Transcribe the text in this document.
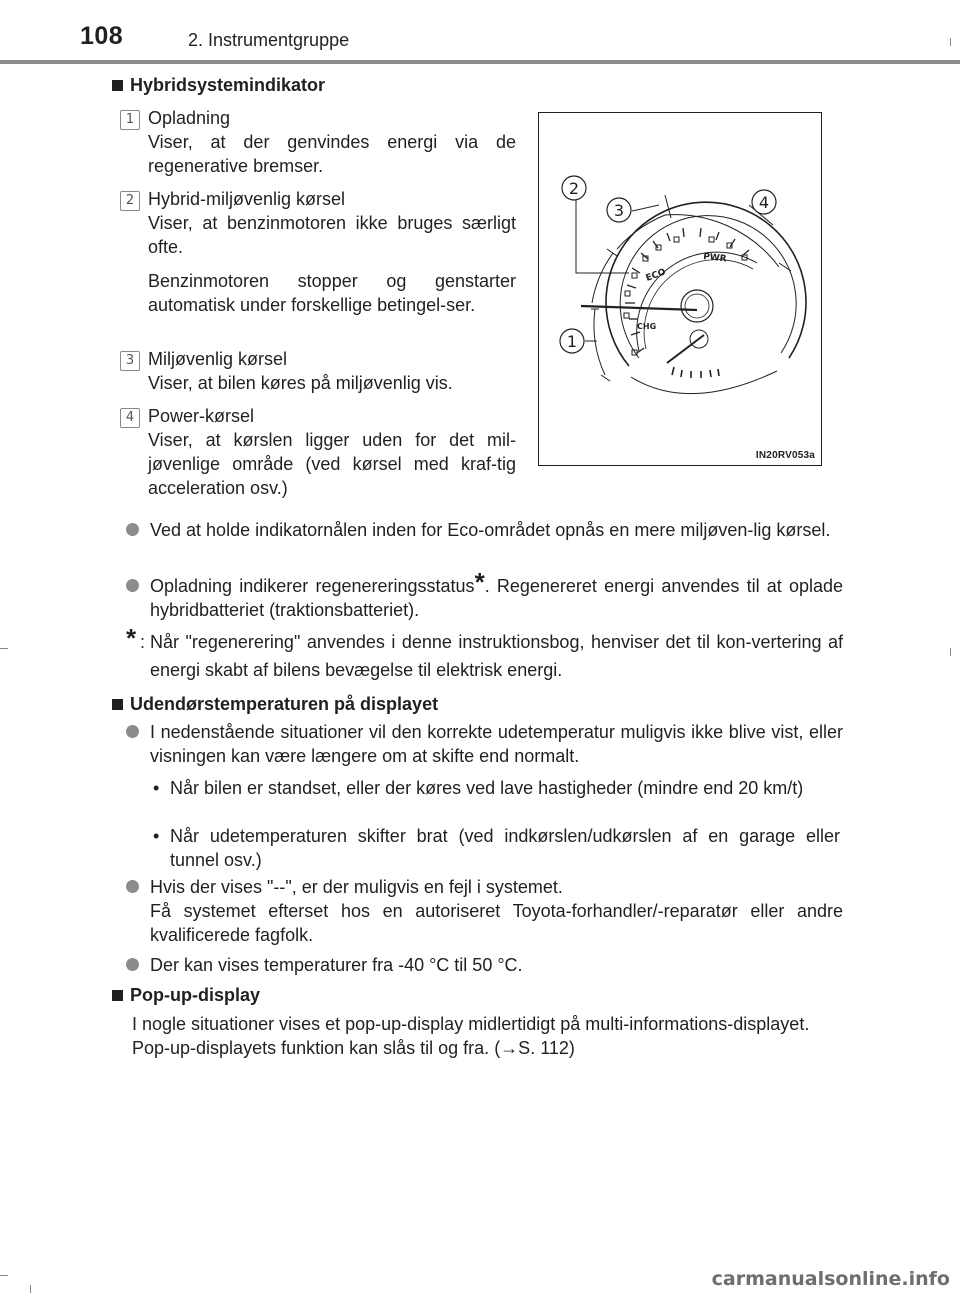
108	2. Instrumentgruppe
Hybridsystemindikator
1 Opladning
Viser, at der genvindes energi via de regenerative bremser.
2 Hybrid-miljøvenlig kørsel
Viser, at benzinmotoren ikke bruges særligt ofte.
Benzinmotoren stopper og genstarter automatisk under forskellige betingel-ser.
3 Miljøvenlig kørsel
Viser, at bilen køres på miljøvenlig vis.
4 Power-kørsel
Viser, at kørslen ligger uden for det mil-jøvenlige område (ved kørsel med kraf-tig acceleration osv.)
ECO
PWR
CHG
2
3	4
1
IN20RV053a
Ved at holde indikatornålen inden for Eco-området opnås en mere miljøven-lig kørsel.
Opladning indikerer regenereringsstatus*. Regenereret energi anvendes til at oplade hybridbatteriet (traktionsbatteriet).
* : Når "regenerering" anvendes i denne instruktionsbog, henviser det til kon-vertering af energi skabt af bilens bevægelse til elektrisk energi.
Udendørstemperaturen på displayet
I nedenstående situationer vil den korrekte udetemperatur muligvis ikke blive vist, eller visningen kan være længere om at skifte end normalt.
• Når bilen er standset, eller der køres ved lave hastigheder (mindre end 20 km/t)
• Når udetemperaturen skifter brat (ved indkørslen/udkørslen af en garage eller tunnel osv.)
Hvis der vises "--", er der muligvis en fejl i systemet.
Få systemet efterset hos en autoriseret Toyota-forhandler/-reparatør eller andre kvalificerede fagfolk.
Der kan vises temperaturer fra -40 °C til 50 °C.
Pop-up-display
I nogle situationer vises et pop-up-display midlertidigt på multi-informations-displayet.
Pop-up-displayets funktion kan slås til og fra. (→S. 112)
carmanualsonline.info
